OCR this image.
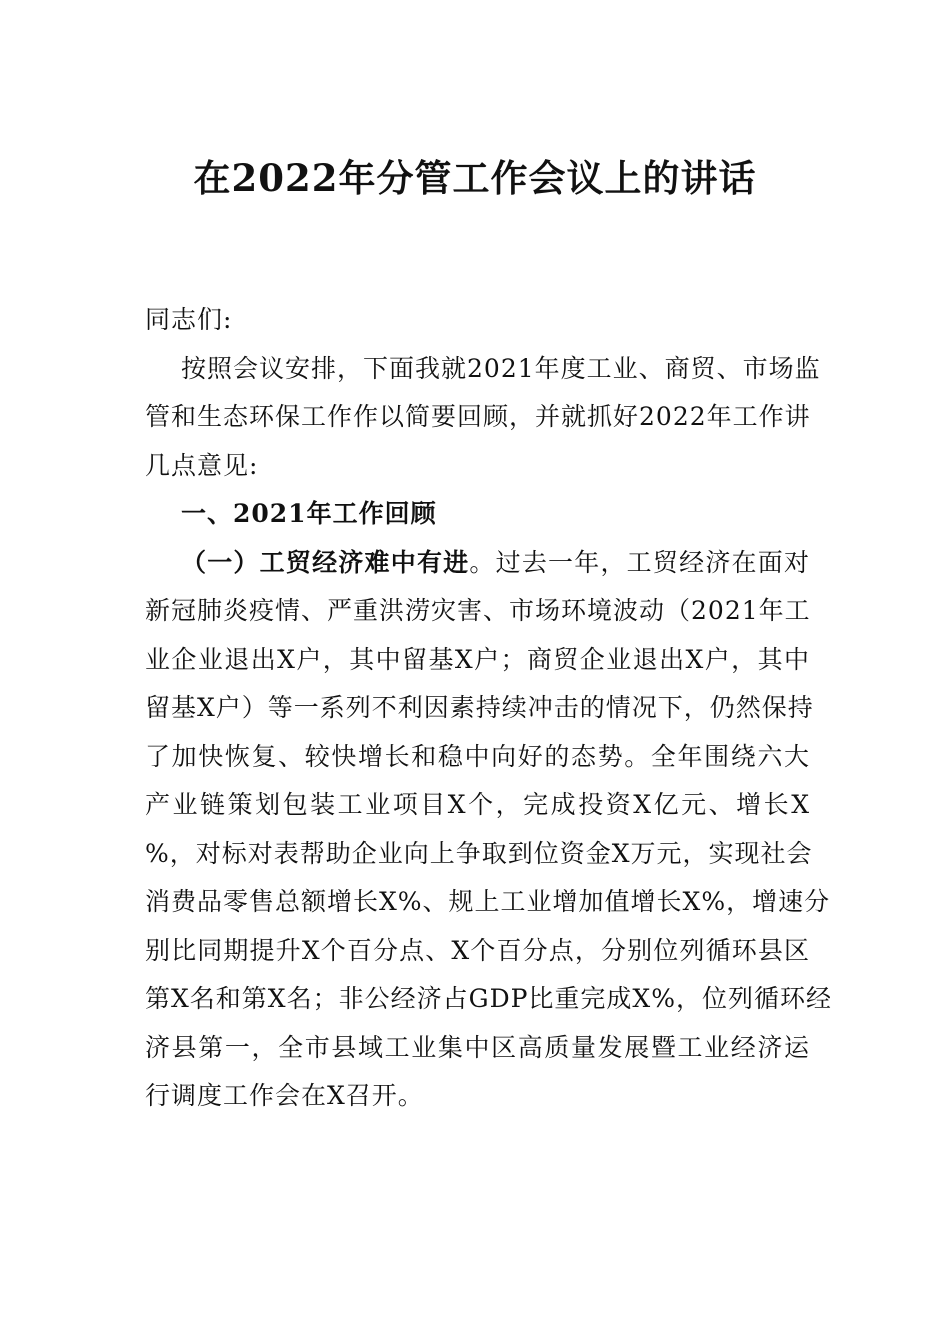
在2022年分管工作会议上的讲话
同志们:
按照会议安排，下面我就2021年度工业、商贸、市场监
管和生态环保工作作以简要回顾，并就抓好2022年工作讲
几点意见:
一、2021年工作回顾
（一）工贸经济难中有进。过去一年，工贸经济在面对
新冠肺炎疫情、严重洪涝灾害、市场环境波动（2021年工
业企业退出X户，其中留基X户；商贸企业退出X户，其中
留基X户）等一系列不利因素持续冲击的情况下，仍然保持
了加快恢复、较快增长和稳中向好的态势。全年围绕六大
产业链策划包装工业项目X个，完成投资X亿元、增长X
%，对标对表帮助企业向上争取到位资金X万元，实现社会
消费品零售总额增长X%、规上工业增加值增长X%，增速分
别比同期提升X个百分点、X个百分点，分别位列循环县区
第X名和第X名；非公经济占GDP比重完成X%，位列循环经
济县第一，全市县域工业集中区高质量发展暨工业经济运
行调度工作会在X召开。
